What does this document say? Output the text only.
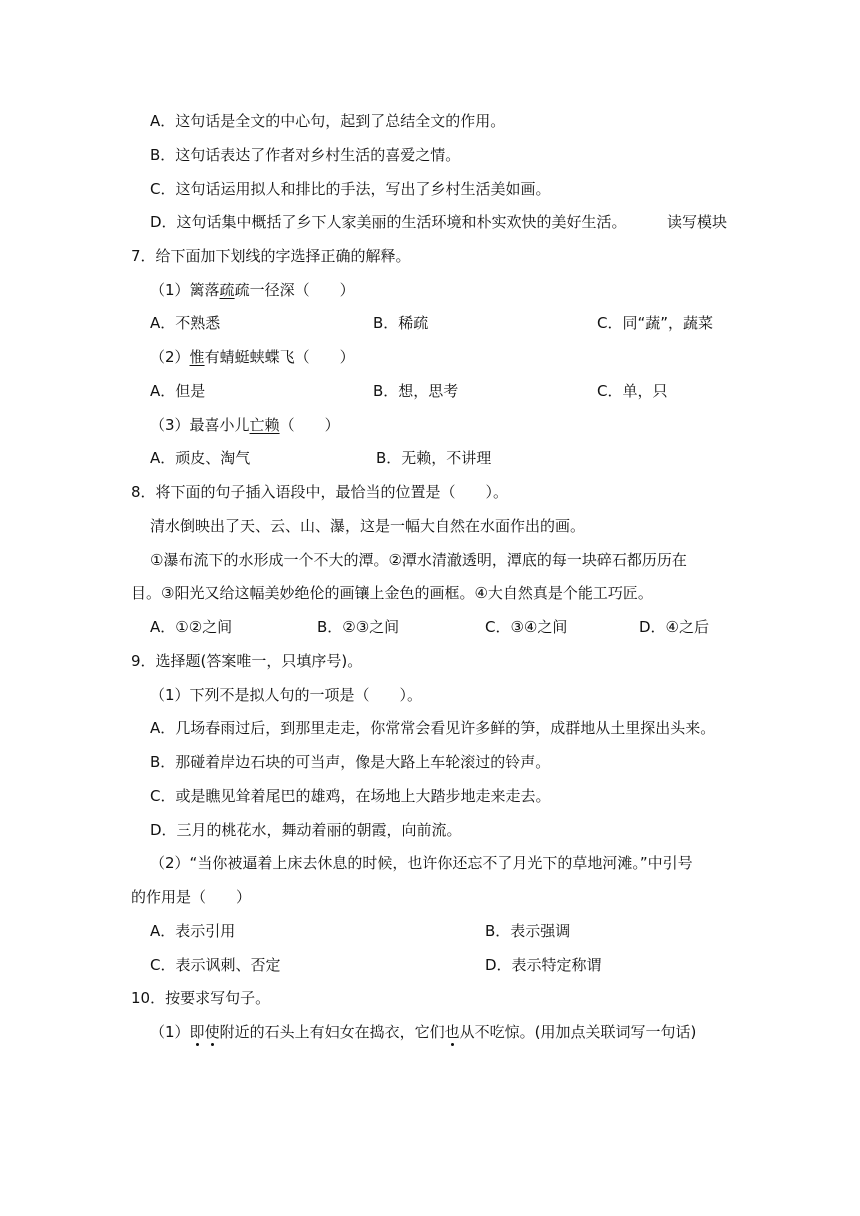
A．这句话是全文的中心句，起到了总结全文的作用。
B．这句话表达了作者对乡村生活的喜爱之情。
C．这句话运用拟人和排比的手法，写出了乡村生活美如画。
D．这句话集中概括了乡下人家美丽的生活环境和朴实欢快的美好生活。	读写模块
7．给下面加下划线的字选择正确的解释。
（1）篱落疏疏一径深（　　）
A．不熟悉	B．稀疏	C．同“蔬”，蔬菜
（2）惟有蜻蜓蛱蝶飞（　　）
A．但是	B．想，思考	C．单，只
（3）最喜小儿亡赖（　　）
A．顽皮、淘气	B．无赖，不讲理
8．将下面的句子插入语段中，最恰当的位置是（　　）。
清水倒映出了天、云、山、瀑，这是一幅大自然在水面作出的画。
①瀑布流下的水形成一个不大的潭。②潭水清澈透明，潭底的每一块碎石都历历在
目。③阳光又给这幅美妙绝伦的画镶上金色的画框。④大自然真是个能工巧匠。
A．①②之间	B．②③之间	C．③④之间	D．④之后
9．选择题(答案唯一，只填序号)。
（1）下列不是拟人句的一项是（　　）。
A．几场春雨过后，到那里走走，你常常会看见许多鲜的笋，成群地从土里探出头来。
B．那碰着岸边石块的可当声，像是大路上车轮滚过的铃声。
C．或是瞧见耸着尾巴的雄鸡，在场地上大踏步地走来走去。
D．三月的桃花水，舞动着丽的朝霞，向前流。
（2）“当你被逼着上床去休息的时候，也许你还忘不了月光下的草地河滩。”中引号
的作用是（　　）
A．表示引用	B．表示强调
C．表示讽刺、否定	D．表示特定称谓
10．按要求写句子。
（1）即使附近的石头上有妇女在捣衣，它们也从不吃惊。(用加点关联词写一句话)
